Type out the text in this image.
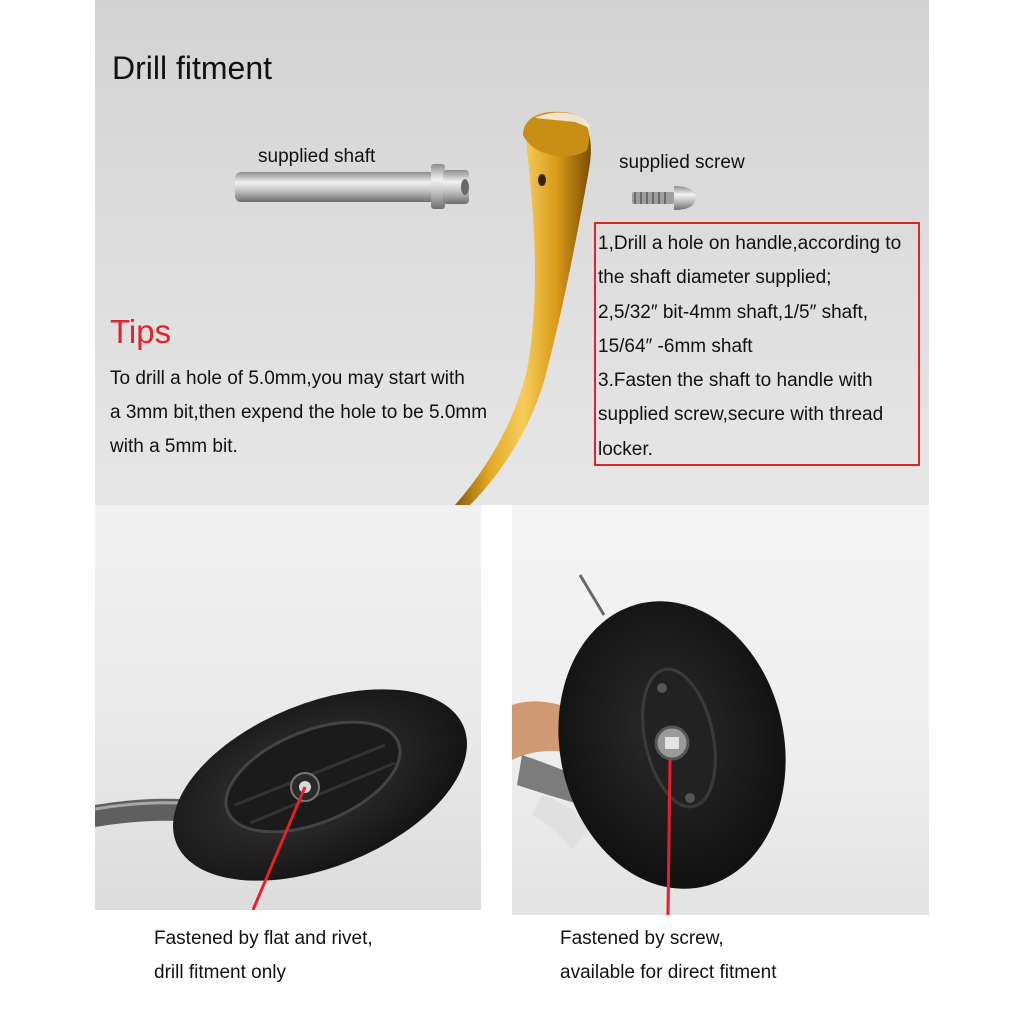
Drill fitment
supplied shaft	supplied screw
Tips
To drill a hole of 5.0mm,you may start with
a 3mm bit,then expend the hole to be 5.0mm
with a 5mm bit.
1,Drill a hole on handle,according to
the shaft diameter supplied;
2,5/32″ bit-4mm shaft,1/5″ shaft,
15/64″ -6mm shaft
3.Fasten the shaft to handle with
supplied screw,secure with thread
locker.
Fastened by flat and rivet,
drill fitment only
Fastened by screw,
available for direct fitment
